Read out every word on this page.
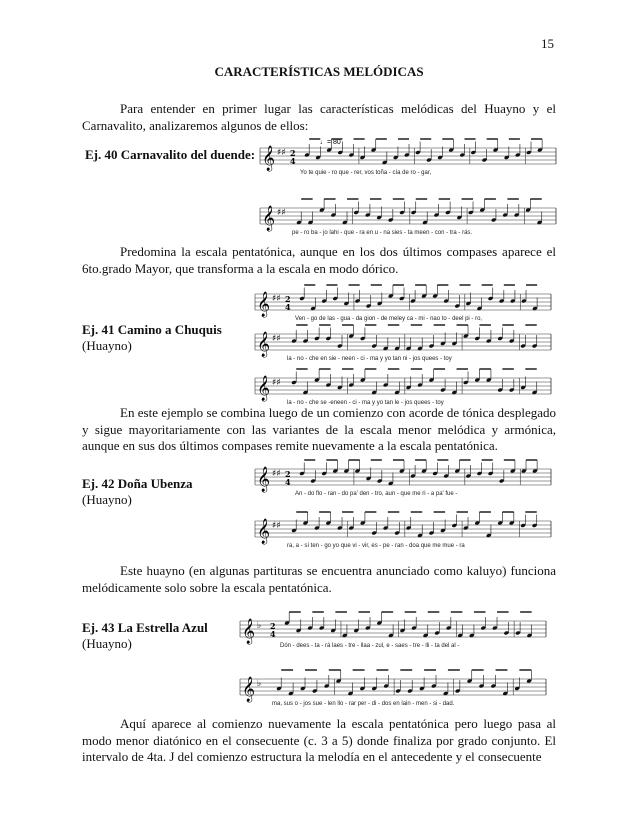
15
CARACTERÍSTICAS MELÓDICAS
Para entender en primer lugar las características melódicas del Huayno y el Carnavalito, analizaremos algunos de ellos:
Ej. 40 Carnavalito del duende: 𝄞 ♯♯ 2
4
♩= 80
Yo te quie - ro que - rer, vos toña - cía de ro - gar,
𝄞 ♯♯
pe - ro ba - jo lahi - que - ra en u - na sies - ta meen - con - tra - rás.
Predomina la escala pentatónica, aunque en los dos últimos compases aparece el 6to.grado Mayor, que transforma a la escala en modo dórico.
Ej. 41 Camino a Chuquis
(Huayno)
𝄞 ♯♯ 2
4
Ven - go de las - gua - da gion - de meley ca - mi - nao to - deel pi - ro,
𝄞 ♯♯
la - no - che en sie - neen - ci - ma y yo tan ni - jos quees - toy
𝄞 ♯♯
la - no - che se -eneen - ci - ma y yo tan le - jos quees - toy
En este ejemplo se combina luego de un comienzo con acorde de tónica desplegado y sigue mayoritariamente con las variantes de la escala menor melódica y armónica, aunque en sus dos últimos compases remite nuevamente a la escala pentatónica.
Ej. 42 Doña Ubenza
(Huayno)
𝄞 ♯♯ 2
4
An - do flo - ran - do pa' den - tro, aun - que me ri - a pa' fue -
𝄞 ♯♯
ra, a - sí ten - go yo que vi - vir, es - pe - ran - doa que me mue - ra
Este huayno (en algunas partituras se encuentra anunciado como kaluyo) funciona melódicamente solo sobre la escala pentatónica.
Ej. 43 La Estrella Azul
(Huayno)	𝄞 ♭ 2
4
Dón - dees - ta - rá laes - tre - llaa - zul, e - saes - tre - lli - ta del al -
𝄞 ♭
ma, sus o - jos sue - len llo - rar per - di - dos en lain - men - si - dad.
Aquí aparece al comienzo nuevamente la escala pentatónica pero luego pasa al modo menor diatónico en el consecuente (c. 3 a 5) donde finaliza por grado conjunto. El intervalo de 4ta. J del comienzo estructura la melodía en el antecedente y el consecuente
